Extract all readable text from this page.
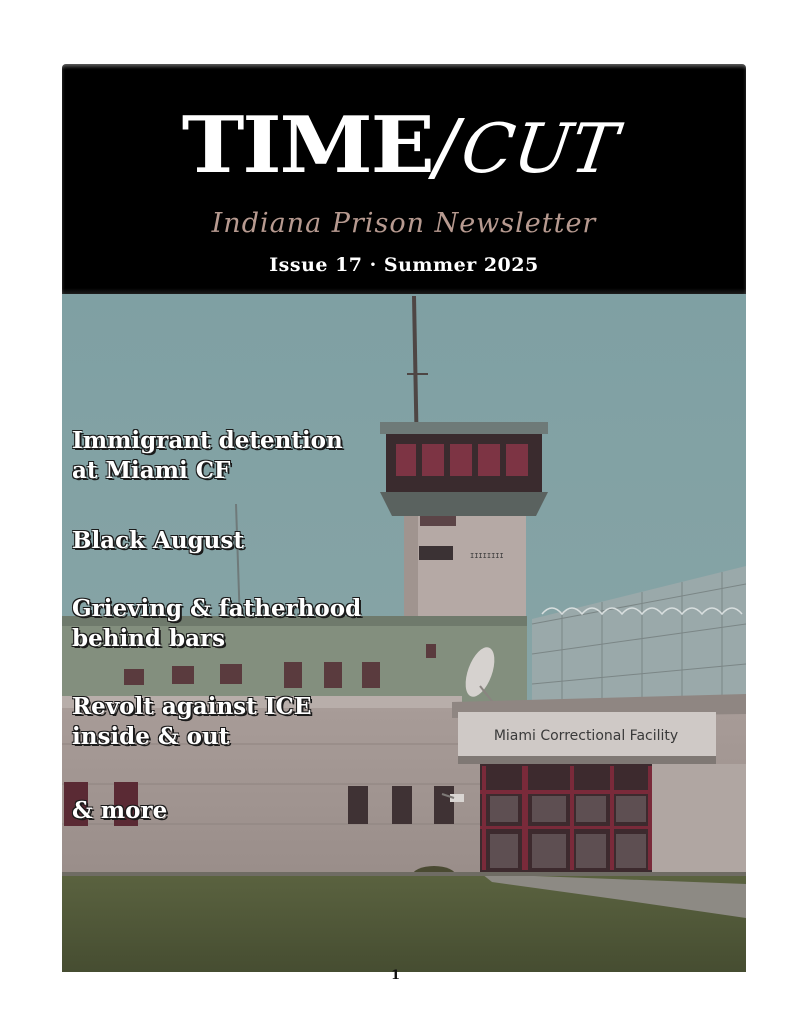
TIME/CUT
Indiana Prison Newsletter
Issue 17 · Summer 2025
IIIIIIII
Miami Correctional Facility
Immigrant detention
at Miami CF
Black August
Grieving & fatherhood
behind bars
Revolt against ICE
inside & out
& more
1
